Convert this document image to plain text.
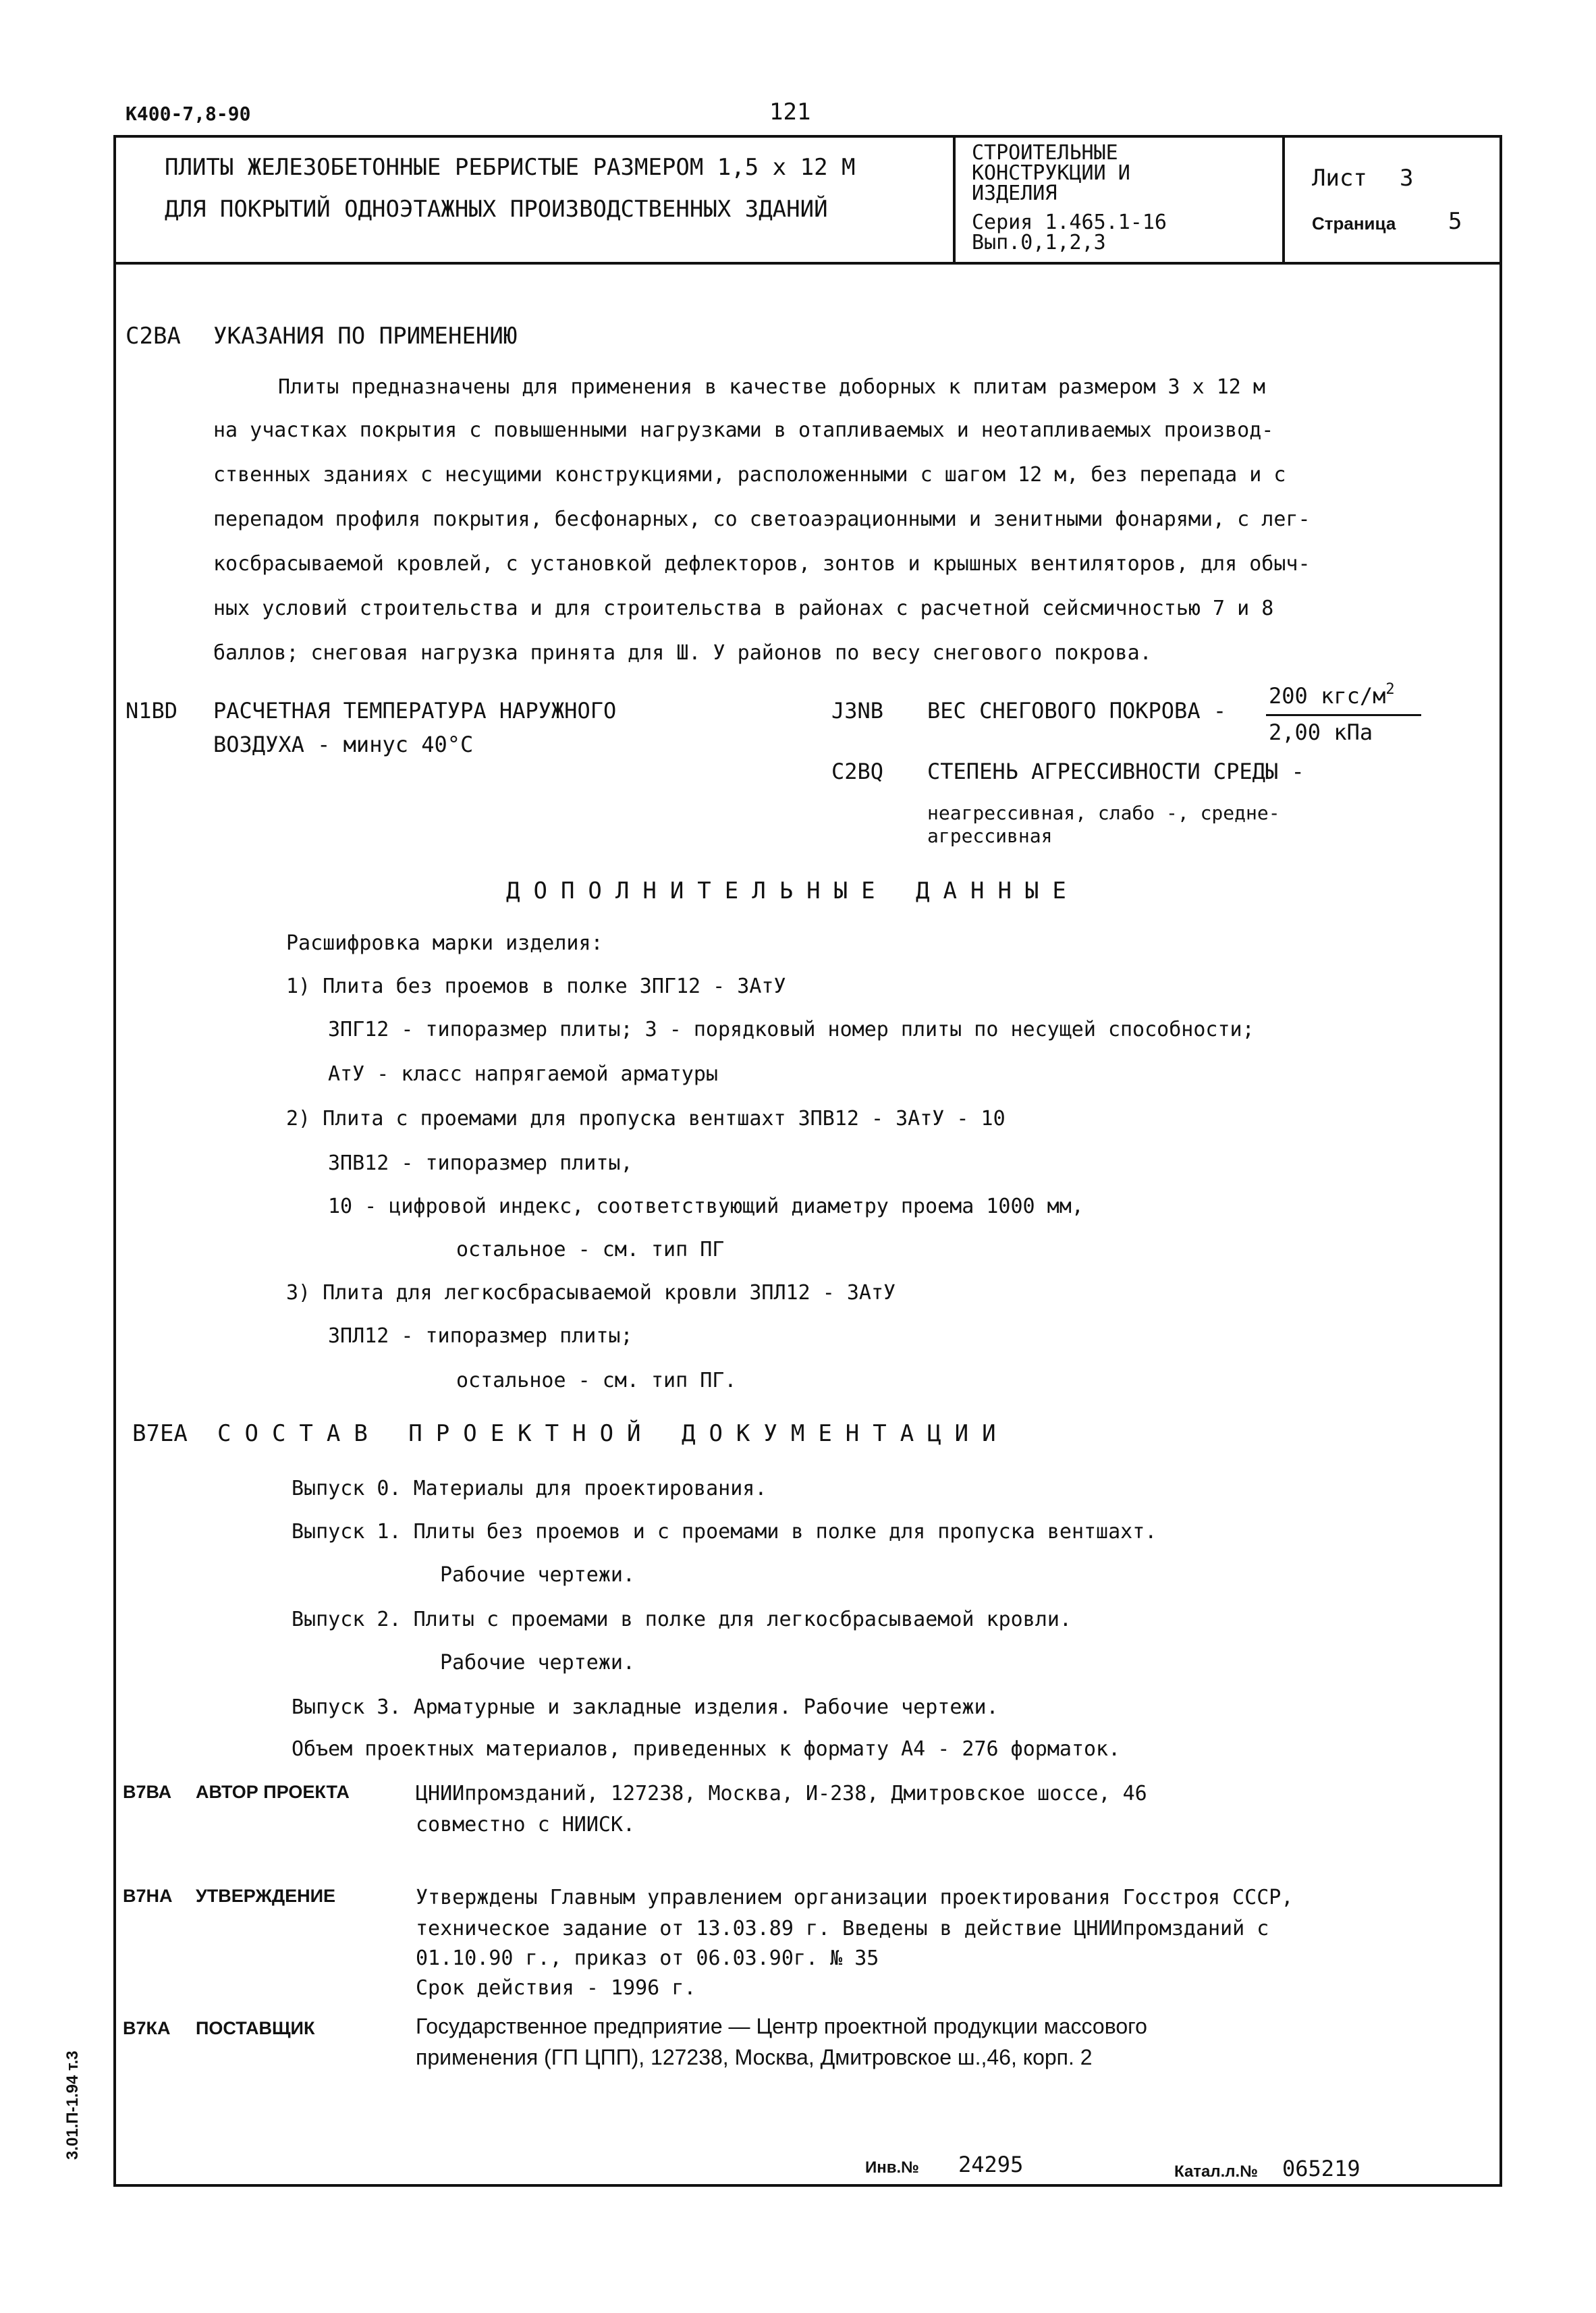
К400-7,8-90	121
ПЛИТЫ ЖЕЛЕЗОБЕТОННЫЕ РЕБРИСТЫЕ РАЗМЕРОМ 1,5 х 12 М
ДЛЯ ПОКРЫТИЙ ОДНОЭТАЖНЫХ ПРОИЗВОДСТВЕННЫХ ЗДАНИЙ
СТРОИТЕЛЬНЫЕ
КОНСТРУКЦИИ И
ИЗДЕЛИЯ
Серия 1.465.1-16
Вып.0,1,2,3
Лист 3
Страница 5
С2ВА УКАЗАНИЯ ПО ПРИМЕНЕНИЮ
Плиты предназначены для применения в качестве доборных к плитам размером 3 х 12 м
на участках покрытия с повышенными нагрузками в отапливаемых и неотапливаемых производ-
ственных зданиях с несущими конструкциями, расположенными с шагом 12 м, без перепада и с
перепадом профиля покрытия, бесфонарных, со светоаэрационными и зенитными фонарями, с лег-
косбрасываемой кровлей, с установкой дефлекторов, зонтов и крышных вентиляторов, для обыч-
ных условий строительства и для строительства в районах с расчетной сейсмичностью 7 и 8
баллов; снеговая нагрузка принята для Ш. У районов по весу снегового покрова.
N1BD РАСЧЕТНАЯ ТЕМПЕРАТУРА НАРУЖНОГО
ВОЗДУХА - минус 40°С
J3NB ВЕС СНЕГОВОГО ПОКРОВА -
200 кгс/$м^2$
2,00 кПа
С2ВQ СТЕПЕНЬ АГРЕССИВНОСТИ СРЕДЫ -
неагрессивная, слабо -, средне-
агрессивная
ДОПОЛНИТЕЛЬНЫЕ ДАННЫЕ
Расшифровка марки изделия:
1) Плита без проемов в полке 3ПГ12 - 3АтУ
3ПГ12 - типоразмер плиты; 3 - порядковый номер плиты по несущей способности;
АтУ - класс напрягаемой арматуры
2) Плита с проемами для пропуска вентшахт 3ПВ12 - 3АтУ - 10
3ПВ12 - типоразмер плиты,
10 - цифровой индекс, соответствующий диаметру проема 1000 мм,
остальное - см. тип ПГ
3) Плита для легкосбрасываемой кровли 3ПЛ12 - 3АтУ
3ПЛ12 - типоразмер плиты;
остальное - см. тип ПГ.
В7ЕА СОСТАВ ПРОЕКТНОЙ ДОКУМЕНТАЦИИ
Выпуск 0. Материалы для проектирования.
Выпуск 1. Плиты без проемов и с проемами в полке для пропуска вентшахт.
Рабочие чертежи.
Выпуск 2. Плиты с проемами в полке для легкосбрасываемой кровли.
Рабочие чертежи.
Выпуск 3. Арматурные и закладные изделия. Рабочие чертежи.
Объем проектных материалов, приведенных к формату А4 - 276 форматок.
В7ВА АВТОР ПРОЕКТА	ЦНИИпромзданий, 127238, Москва, И-238, Дмитровское шоссе, 46
совместно с НИИСК.
В7НА УТВЕРЖДЕНИЕ	Утверждены Главным управлением организации проектирования Госстроя СССР,
техническое задание от 13.03.89 г. Введены в действие ЦНИИпромзданий с
01.10.90 г., приказ от 06.03.90г. № 35
Срок действия - 1996 г.
В7КА ПОСТАВЩИК	Государственное предприятие — Центр проектной продукции массового
применения (ГП ЦПП), 127238, Москва, Дмитровское ш.,46, корп. 2
Инв.№ 24295	Катал.л.№ 065219
3.01.П-1.94 т.3
